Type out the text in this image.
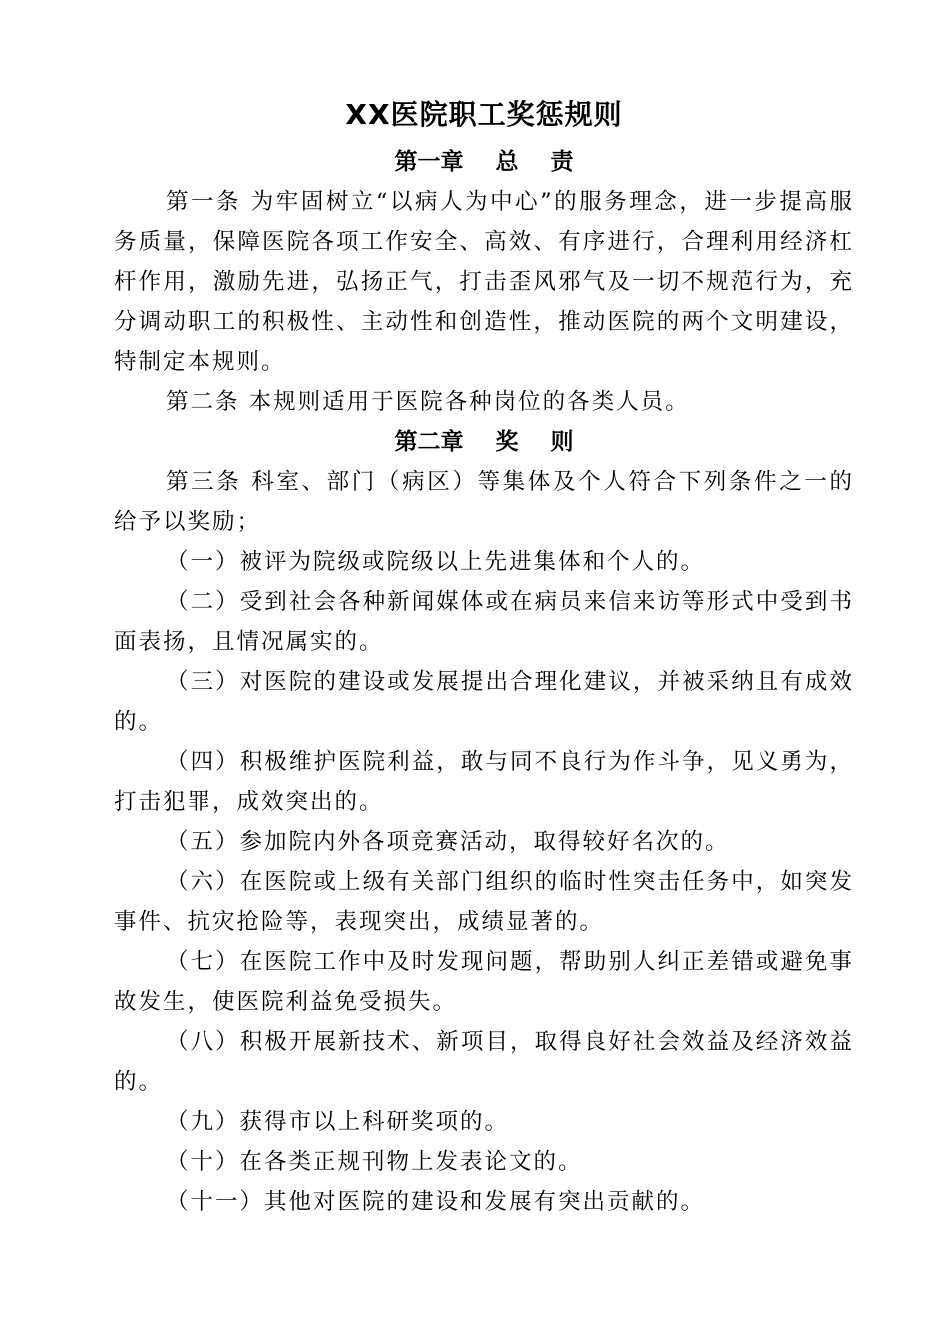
XX医院职工奖惩规则
第一章    总    责

第一条 为牢固树立“以病人为中心”的服务理念，进一步提高服务质量，保障医院各项工作安全、高效、有序进行，合理利用经济杠杆作用，激励先进，弘扬正气，打击歪风邪气及一切不规范行为，充分调动职工的积极性、主动性和创造性，推动医院的两个文明建设，特制定本规则。

第二条 本规则适用于医院各种岗位的各类人员。

第二章    奖    则

第三条 科室、部门（病区）等集体及个人符合下列条件之一的给予以奖励；

（一）被评为院级或院级以上先进集体和个人的。

（二）受到社会各种新闻媒体或在病员来信来访等形式中受到书面表扬，且情况属实的。

（三）对医院的建设或发展提出合理化建议，并被采纳且有成效的。

（四）积极维护医院利益，敢与同不良行为作斗争，见义勇为，打击犯罪，成效突出的。

（五）参加院内外各项竞赛活动，取得较好名次的。

（六）在医院或上级有关部门组织的临时性突击任务中，如突发事件、抗灾抢险等，表现突出，成绩显著的。

（七）在医院工作中及时发现问题，帮助别人纠正差错或避免事故发生，使医院利益免受损失。

（八）积极开展新技术、新项目，取得良好社会效益及经济效益的。

（九）获得市以上科研奖项的。

（十）在各类正规刊物上发表论文的。

（十一）其他对医院的建设和发展有突出贡献的。
